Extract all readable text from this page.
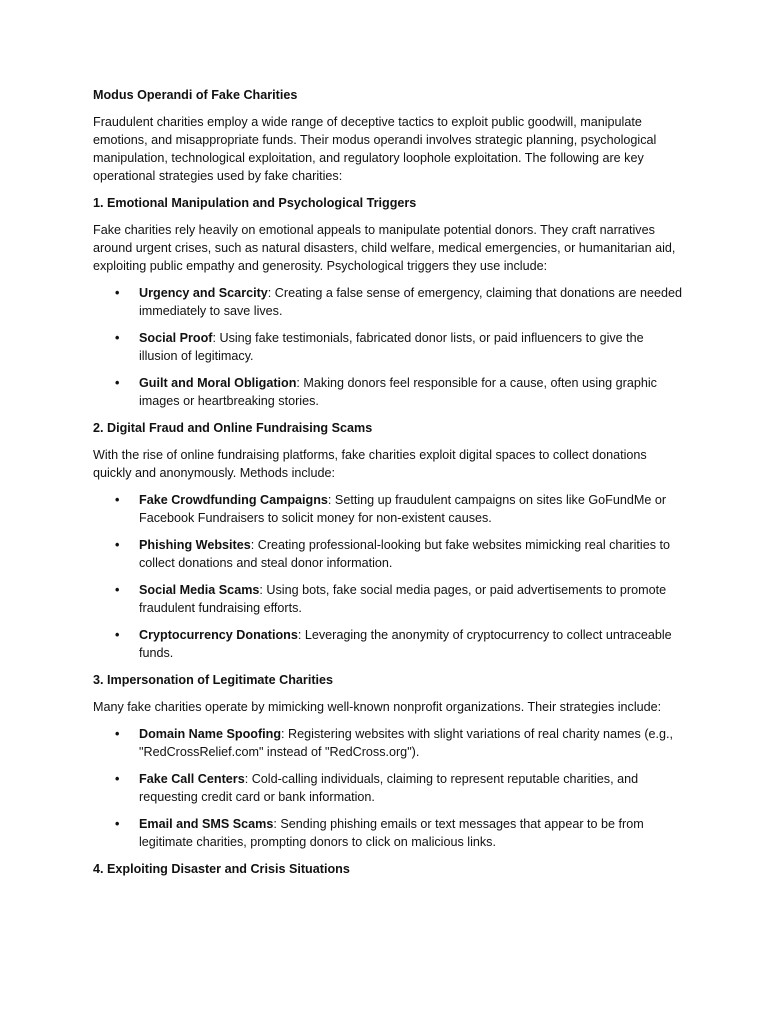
Modus Operandi of Fake Charities
Fraudulent charities employ a wide range of deceptive tactics to exploit public goodwill, manipulate emotions, and misappropriate funds. Their modus operandi involves strategic planning, psychological manipulation, technological exploitation, and regulatory loophole exploitation. The following are key operational strategies used by fake charities:
1. Emotional Manipulation and Psychological Triggers
Fake charities rely heavily on emotional appeals to manipulate potential donors. They craft narratives around urgent crises, such as natural disasters, child welfare, medical emergencies, or humanitarian aid, exploiting public empathy and generosity. Psychological triggers they use include:
• Urgency and Scarcity: Creating a false sense of emergency, claiming that donations are needed immediately to save lives.
• Social Proof: Using fake testimonials, fabricated donor lists, or paid influencers to give the illusion of legitimacy.
• Guilt and Moral Obligation: Making donors feel responsible for a cause, often using graphic images or heartbreaking stories.
2. Digital Fraud and Online Fundraising Scams
With the rise of online fundraising platforms, fake charities exploit digital spaces to collect donations quickly and anonymously. Methods include:
• Fake Crowdfunding Campaigns: Setting up fraudulent campaigns on sites like GoFundMe or Facebook Fundraisers to solicit money for non-existent causes.
• Phishing Websites: Creating professional-looking but fake websites mimicking real charities to collect donations and steal donor information.
• Social Media Scams: Using bots, fake social media pages, or paid advertisements to promote fraudulent fundraising efforts.
• Cryptocurrency Donations: Leveraging the anonymity of cryptocurrency to collect untraceable funds.
3. Impersonation of Legitimate Charities
Many fake charities operate by mimicking well-known nonprofit organizations. Their strategies include:
• Domain Name Spoofing: Registering websites with slight variations of real charity names (e.g., "RedCrossRelief.com" instead of "RedCross.org").
• Fake Call Centers: Cold-calling individuals, claiming to represent reputable charities, and requesting credit card or bank information.
• Email and SMS Scams: Sending phishing emails or text messages that appear to be from legitimate charities, prompting donors to click on malicious links.
4. Exploiting Disaster and Crisis Situations
